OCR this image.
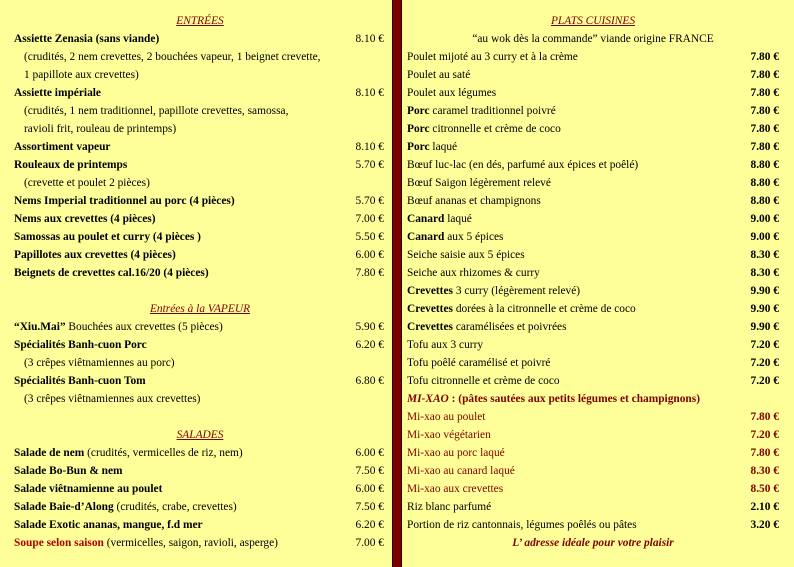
ENTRÉES
Assiette Zenasia (sans viande)	8.10 €
(crudités, 2 nem crevettes, 2 bouchées vapeur, 1 beignet crevette,
1 papillote aux crevettes)
Assiette impériale	8.10 €
(crudités, 1 nem traditionnel, papillote crevettes, samossa,
ravioli frit, rouleau de printemps)
Assortiment vapeur	8.10 €
Rouleaux de printemps	5.70 €
(crevette et poulet 2 pièces)
Nems Imperial traditionnel au porc (4 pièces)	5.70 €
Nems aux crevettes (4 pièces)	7.00 €
Samossas au poulet et curry (4 pièces )	5.50 €
Papillotes aux crevettes (4 pièces)	6.00 €
Beignets de crevettes cal.16/20 (4 pièces)	7.80 €
Entrées à la VAPEUR
“Xiu.Mai” Bouchées aux crevettes (5 pièces)	5.90 €
Spécialités Banh-cuon Porc	6.20 €
(3 crêpes viêtnamiennes au porc)
Spécialités Banh-cuon Tom	6.80 €
(3 crêpes viêtnamiennes aux crevettes)
SALADES
Salade de nem (crudités, vermicelles de riz, nem)	6.00 €
Salade Bo-Bun & nem	7.50 €
Salade viêtnamienne au poulet	6.00 €
Salade Baie-d’Along (crudités, crabe, crevettes)	7.50 €
Salade Exotic ananas, mangue, f.d mer	6.20 €
Soupe selon saison (vermicelles, saigon, ravioli, asperge)	7.00 €
PLATS CUISINES
“au wok dès la commande” viande origine FRANCE
Poulet mijoté au 3 curry et à la crème	7.80 €
Poulet au saté	7.80 €
Poulet aux légumes	7.80 €
Porc caramel traditionnel poivré	7.80 €
Porc citronnelle et crème de coco	7.80 €
Porc laqué	7.80 €
Bœuf luc-lac (en dés, parfumé aux épices et poêlé)	8.80 €
Bœuf Saigon légèrement relevé	8.80 €
Bœuf ananas et champignons	8.80 €
Canard laqué	9.00 €
Canard aux 5 épices	9.00 €
Seiche saisie aux 5 épices	8.30 €
Seiche aux rhizomes & curry	8.30 €
Crevettes 3 curry (légèrement relevé)	9.90 €
Crevettes dorées à la citronnelle et crème de coco	9.90 €
Crevettes caramélisées et poivrées	9.90 €
Tofu aux 3 curry	7.20 €
Tofu poêlé caramélisé et poivré	7.20 €
Tofu citronnelle et crème de coco	7.20 €
MI-XAO : (pâtes sautées aux petits légumes et champignons)
Mi-xao au poulet	7.80 €
Mi-xao végétarien	7.20 €
Mi-xao au porc laqué	7.80 €
Mi-xao au canard laqué	8.30 €
Mi-xao aux crevettes	8.50 €
Riz blanc parfumé	2.10 €
Portion de riz cantonnais, légumes poêlés ou pâtes	3.20 €
L’ adresse idéale pour votre plaisir
